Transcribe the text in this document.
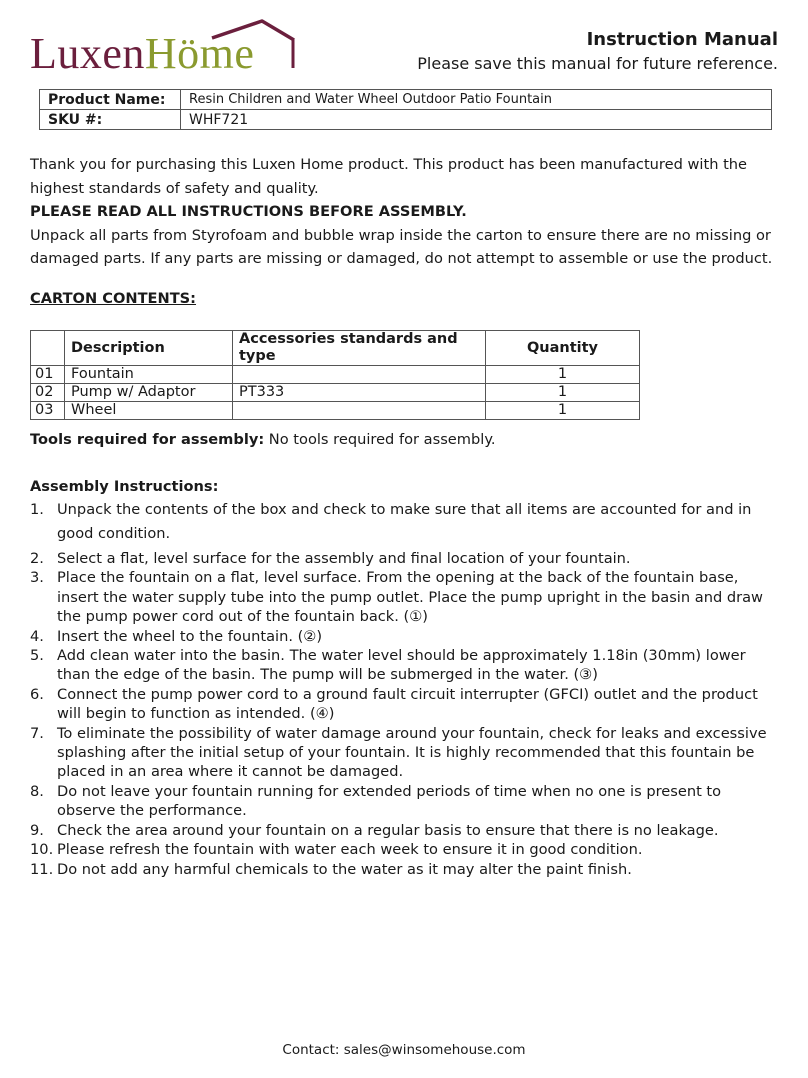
LuxenHöme	Instruction Manual
Please save this manual for future reference.
Product Name:	Resin Children and Water Wheel Outdoor Patio Fountain
SKU #:	WHF721
Thank you for purchasing this Luxen Home product. This product has been manufactured with the highest standards of safety and quality.
PLEASE READ ALL INSTRUCTIONS BEFORE ASSEMBLY.
Unpack all parts from Styrofoam and bubble wrap inside the carton to ensure there are no missing or damaged parts. If any parts are missing or damaged, do not attempt to assemble or use the product.
CARTON CONTENTS:
	Description	Accessories standards and type	Quantity
01	Fountain		1
02	Pump w/ Adaptor	PT333	1
03	Wheel		1
Tools required for assembly: No tools required for assembly.
Assembly Instructions:
1. Unpack the contents of the box and check to make sure that all items are accounted for and in good condition.
2. Select a flat, level surface for the assembly and final location of your fountain.
3. Place the fountain on a flat, level surface. From the opening at the back of the fountain base, insert the water supply tube into the pump outlet. Place the pump upright in the basin and draw the pump power cord out of the fountain back. (①)
4. Insert the wheel to the fountain. (②)
5. Add clean water into the basin. The water level should be approximately 1.18in (30mm) lower than the edge of the basin. The pump will be submerged in the water. (③)
6. Connect the pump power cord to a ground fault circuit interrupter (GFCI) outlet and the product will begin to function as intended. (④)
7. To eliminate the possibility of water damage around your fountain, check for leaks and excessive splashing after the initial setup of your fountain. It is highly recommended that this fountain be placed in an area where it cannot be damaged.
8. Do not leave your fountain running for extended periods of time when no one is present to observe the performance.
9. Check the area around your fountain on a regular basis to ensure that there is no leakage.
10. Please refresh the fountain with water each week to ensure it in good condition.
11. Do not add any harmful chemicals to the water as it may alter the paint finish.
Contact: sales@winsomehouse.com
